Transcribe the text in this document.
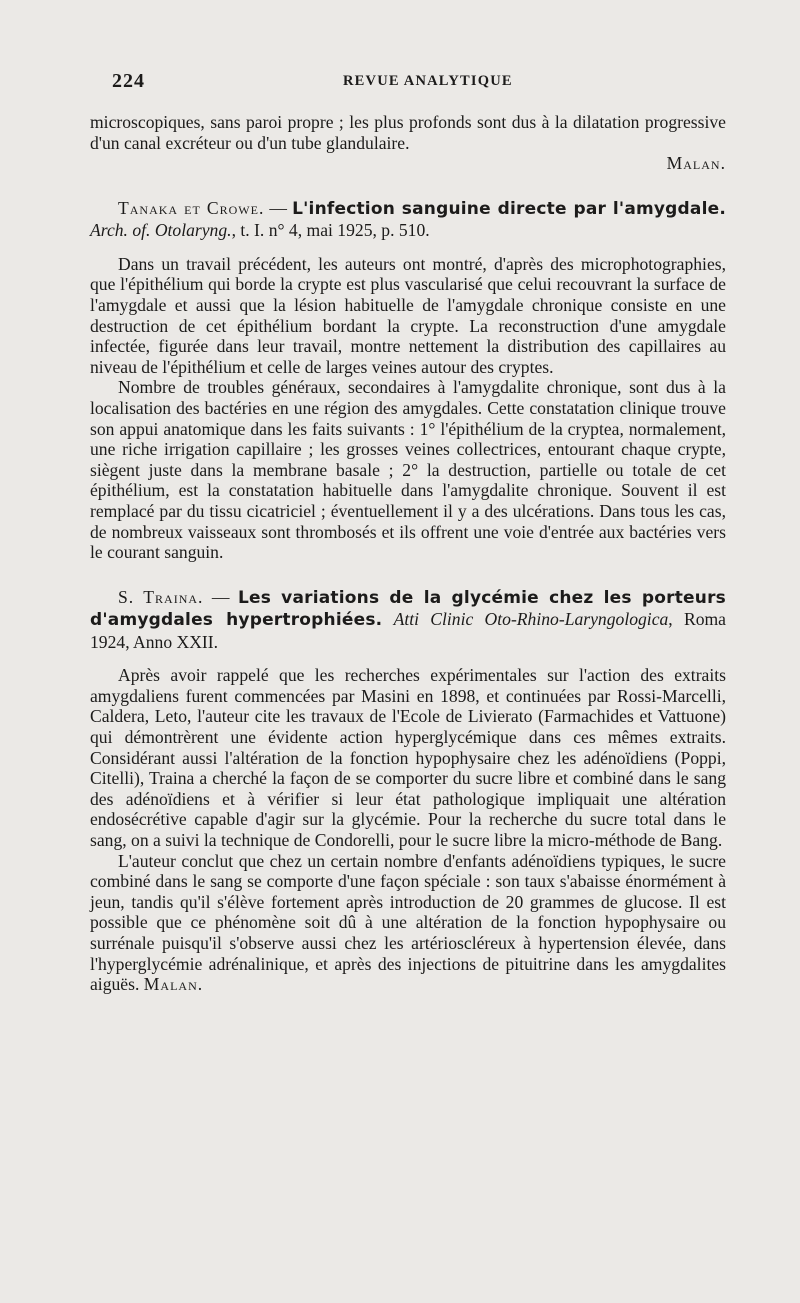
224	REVUE ANALYTIQUE

microscopiques, sans paroi propre ; les plus profonds sont dus à la dilatation progressive d'un canal excréteur ou d'un tube glandulaire.

Malan.

Tanaka et Crowe. — L'infection sanguine directe par l'amygdale. Arch. of. Otolaryng., t. I. n° 4, mai 1925, p. 510.

Dans un travail précédent, les auteurs ont montré, d'après des microphotographies, que l'épithélium qui borde la crypte est plus vascularisé que celui recouvrant la surface de l'amygdale et aussi que la lésion habituelle de l'amygdale chronique consiste en une destruction de cet épithélium bordant la crypte. La reconstruction d'une amygdale infectée, figurée dans leur travail, montre nettement la distribution des capillaires au niveau de l'épithélium et celle de larges veines autour des cryptes.

Nombre de troubles généraux, secondaires à l'amygdalite chronique, sont dus à la localisation des bactéries en une région des amygdales. Cette constatation clinique trouve son appui anatomique dans les faits suivants : 1° l'épithélium de la cryptea, normalement, une riche irrigation capillaire ; les grosses veines collectrices, entourant chaque crypte, siègent juste dans la membrane basale ; 2° la destruction, partielle ou totale de cet épithélium, est la constatation habituelle dans l'amygdalite chronique. Souvent il est remplacé par du tissu cicatriciel ; éventuellement il y a des ulcérations. Dans tous les cas, de nombreux vaisseaux sont thrombosés et ils offrent une voie d'entrée aux bactéries vers le courant sanguin.

S. Traina. — Les variations de la glycémie chez les porteurs d'amygdales hypertrophiées. Atti Clinic Oto-Rhino-Laryngologica, Roma 1924, Anno XXII.

Après avoir rappelé que les recherches expérimentales sur l'action des extraits amygdaliens furent commencées par Masini en 1898, et continuées par Rossi-Marcelli, Caldera, Leto, l'auteur cite les travaux de l'Ecole de Livierato (Farmachides et Vattuone) qui démontrèrent une évidente action hyperglycémique dans ces mêmes extraits. Considérant aussi l'altération de la fonction hypophysaire chez les adénoïdiens (Poppi, Citelli), Traina a cherché la façon de se comporter du sucre libre et combiné dans le sang des adénoïdiens et à vérifier si leur état pathologique impliquait une altération endosécrétive capable d'agir sur la glycémie. Pour la recherche du sucre total dans le sang, on a suivi la technique de Condorelli, pour le sucre libre la micro-méthode de Bang.

L'auteur conclut que chez un certain nombre d'enfants adénoïdiens typiques, le sucre combiné dans le sang se comporte d'une façon spéciale : son taux s'abaisse énormément à jeun, tandis qu'il s'élève fortement après introduction de 20 grammes de glucose. Il est possible que ce phénomène soit dû à une altération de la fonction hypophysaire ou surrénale puisqu'il s'observe aussi chez les artérioscléreux à hypertension élevée, dans l'hyperglycémie adrénalinique, et après des injections de pituitrine dans les amygdalites aiguës. Malan.
